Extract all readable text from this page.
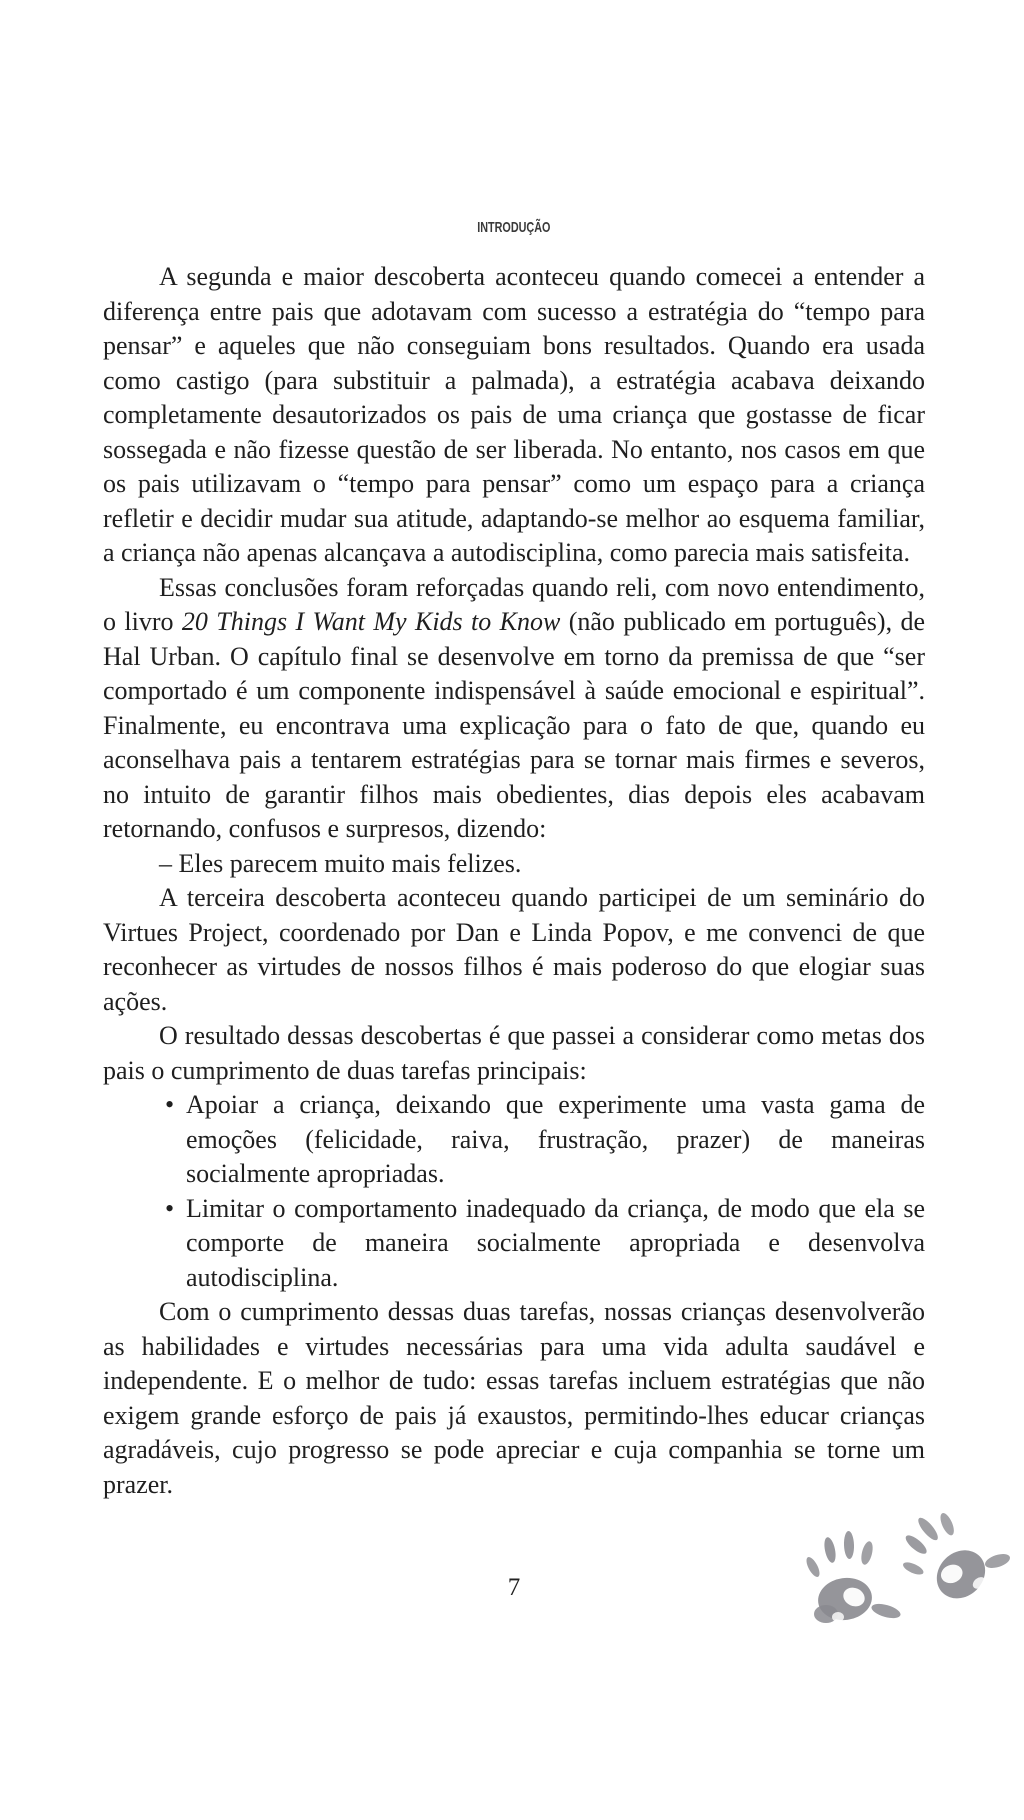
INTRODUÇÃO

A segunda e maior descoberta aconteceu quando comecei a entender a diferença entre pais que adotavam com sucesso a estratégia do “tempo para pensar” e aqueles que não conseguiam bons resultados. Quando era usada como castigo (para substituir a palmada), a estratégia acabava deixando completamente desautorizados os pais de uma criança que gostasse de ficar sossegada e não fizesse questão de ser liberada. No entanto, nos casos em que os pais utilizavam o “tempo para pensar” como um espaço para a criança refletir e decidir mudar sua atitude, adaptando-se melhor ao esquema familiar, a criança não apenas alcançava a autodisciplina, como parecia mais satisfeita.

Essas conclusões foram reforçadas quando reli, com novo entendimento, o livro 20 Things I Want My Kids to Know (não publicado em português), de Hal Urban. O capítulo final se desenvolve em torno da premissa de que “ser comportado é um componente indispensável à saúde emocional e espiritual”. Finalmente, eu encontrava uma explicação para o fato de que, quando eu aconselhava pais a tentarem estratégias para se tornar mais firmes e severos, no intuito de garantir filhos mais obedientes, dias depois eles acabavam retornando, confusos e surpresos, dizendo:

– Eles parecem muito mais felizes.

A terceira descoberta aconteceu quando participei de um seminário do Virtues Project, coordenado por Dan e Linda Popov, e me convenci de que reconhecer as virtudes de nossos filhos é mais poderoso do que elogiar suas ações.

O resultado dessas descobertas é que passei a considerar como metas dos pais o cumprimento de duas tarefas principais:

• Apoiar a criança, deixando que experimente uma vasta gama de emoções (felicidade, raiva, frustração, prazer) de maneiras socialmente apropriadas.
• Limitar o comportamento inadequado da criança, de modo que ela se comporte de maneira socialmente apropriada e desenvolva autodisciplina.

Com o cumprimento dessas duas tarefas, nossas crianças desenvolverão as habilidades e virtudes necessárias para uma vida adulta saudável e independente. E o melhor de tudo: essas tarefas incluem estratégias que não exigem grande esforço de pais já exaustos, permitindo-lhes educar crianças agradáveis, cujo progresso se pode apreciar e cuja companhia se torne um prazer.

7
